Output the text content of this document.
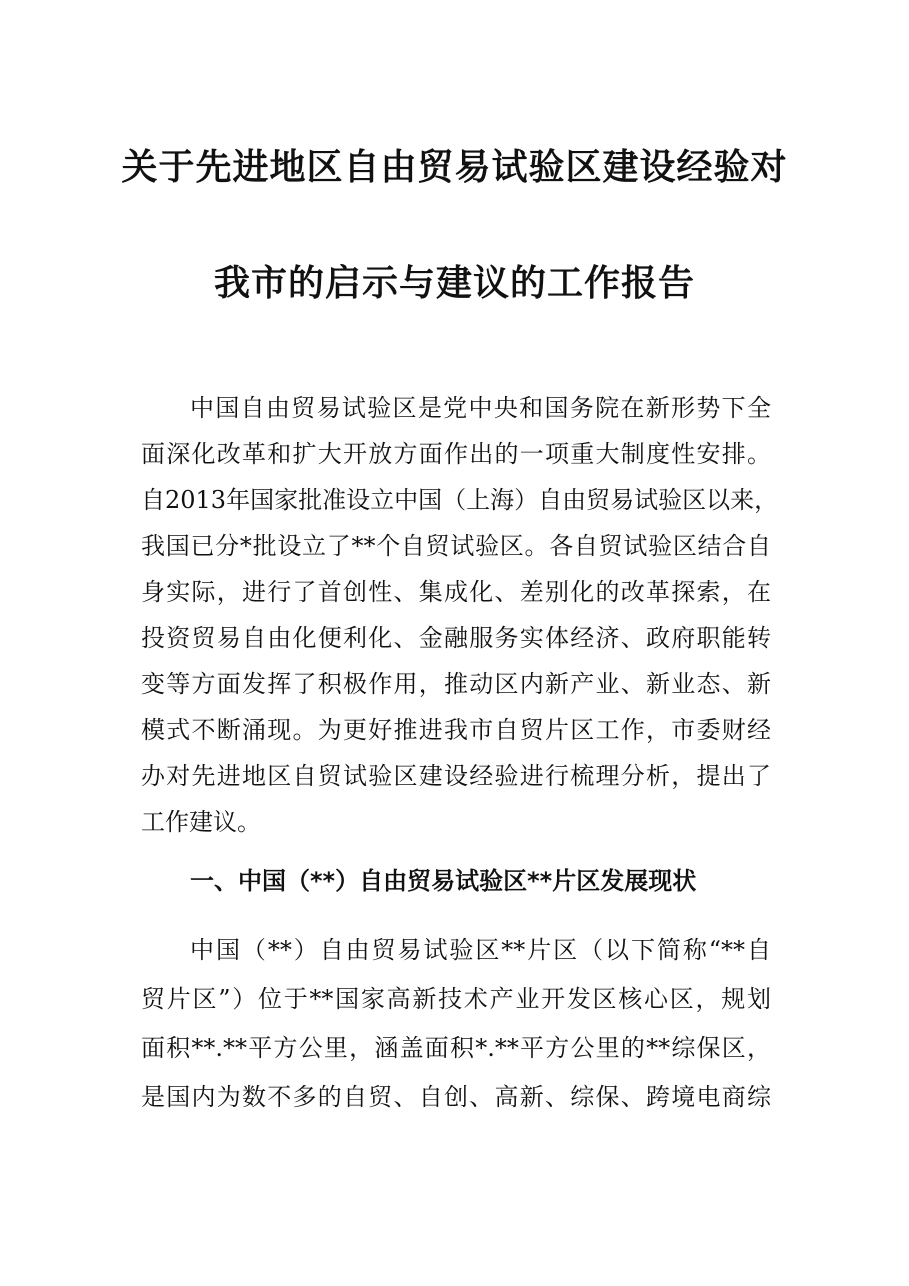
关于先进地区自由贸易试验区建设经验对
我市的启示与建议的工作报告
中国自由贸易试验区是党中央和国务院在新形势下全
面深化改革和扩大开放方面作出的一项重大制度性安排。
自2013年国家批准设立中国（上海）自由贸易试验区以来，
我国已分*批设立了**个自贸试验区。各自贸试验区结合自
身实际，进行了首创性、集成化、差别化的改革探索，在
投资贸易自由化便利化、金融服务实体经济、政府职能转
变等方面发挥了积极作用，推动区内新产业、新业态、新
模式不断涌现。为更好推进我市自贸片区工作，市委财经
办对先进地区自贸试验区建设经验进行梳理分析，提出了
工作建议。
一、中国（**）自由贸易试验区**片区发展现状
中国（**）自由贸易试验区**片区（以下简称“**自
贸片区”）位于**国家高新技术产业开发区核心区，规划
面积**.**平方公里，涵盖面积*.**平方公里的**综保区，
是国内为数不多的自贸、自创、高新、综保、跨境电商综
